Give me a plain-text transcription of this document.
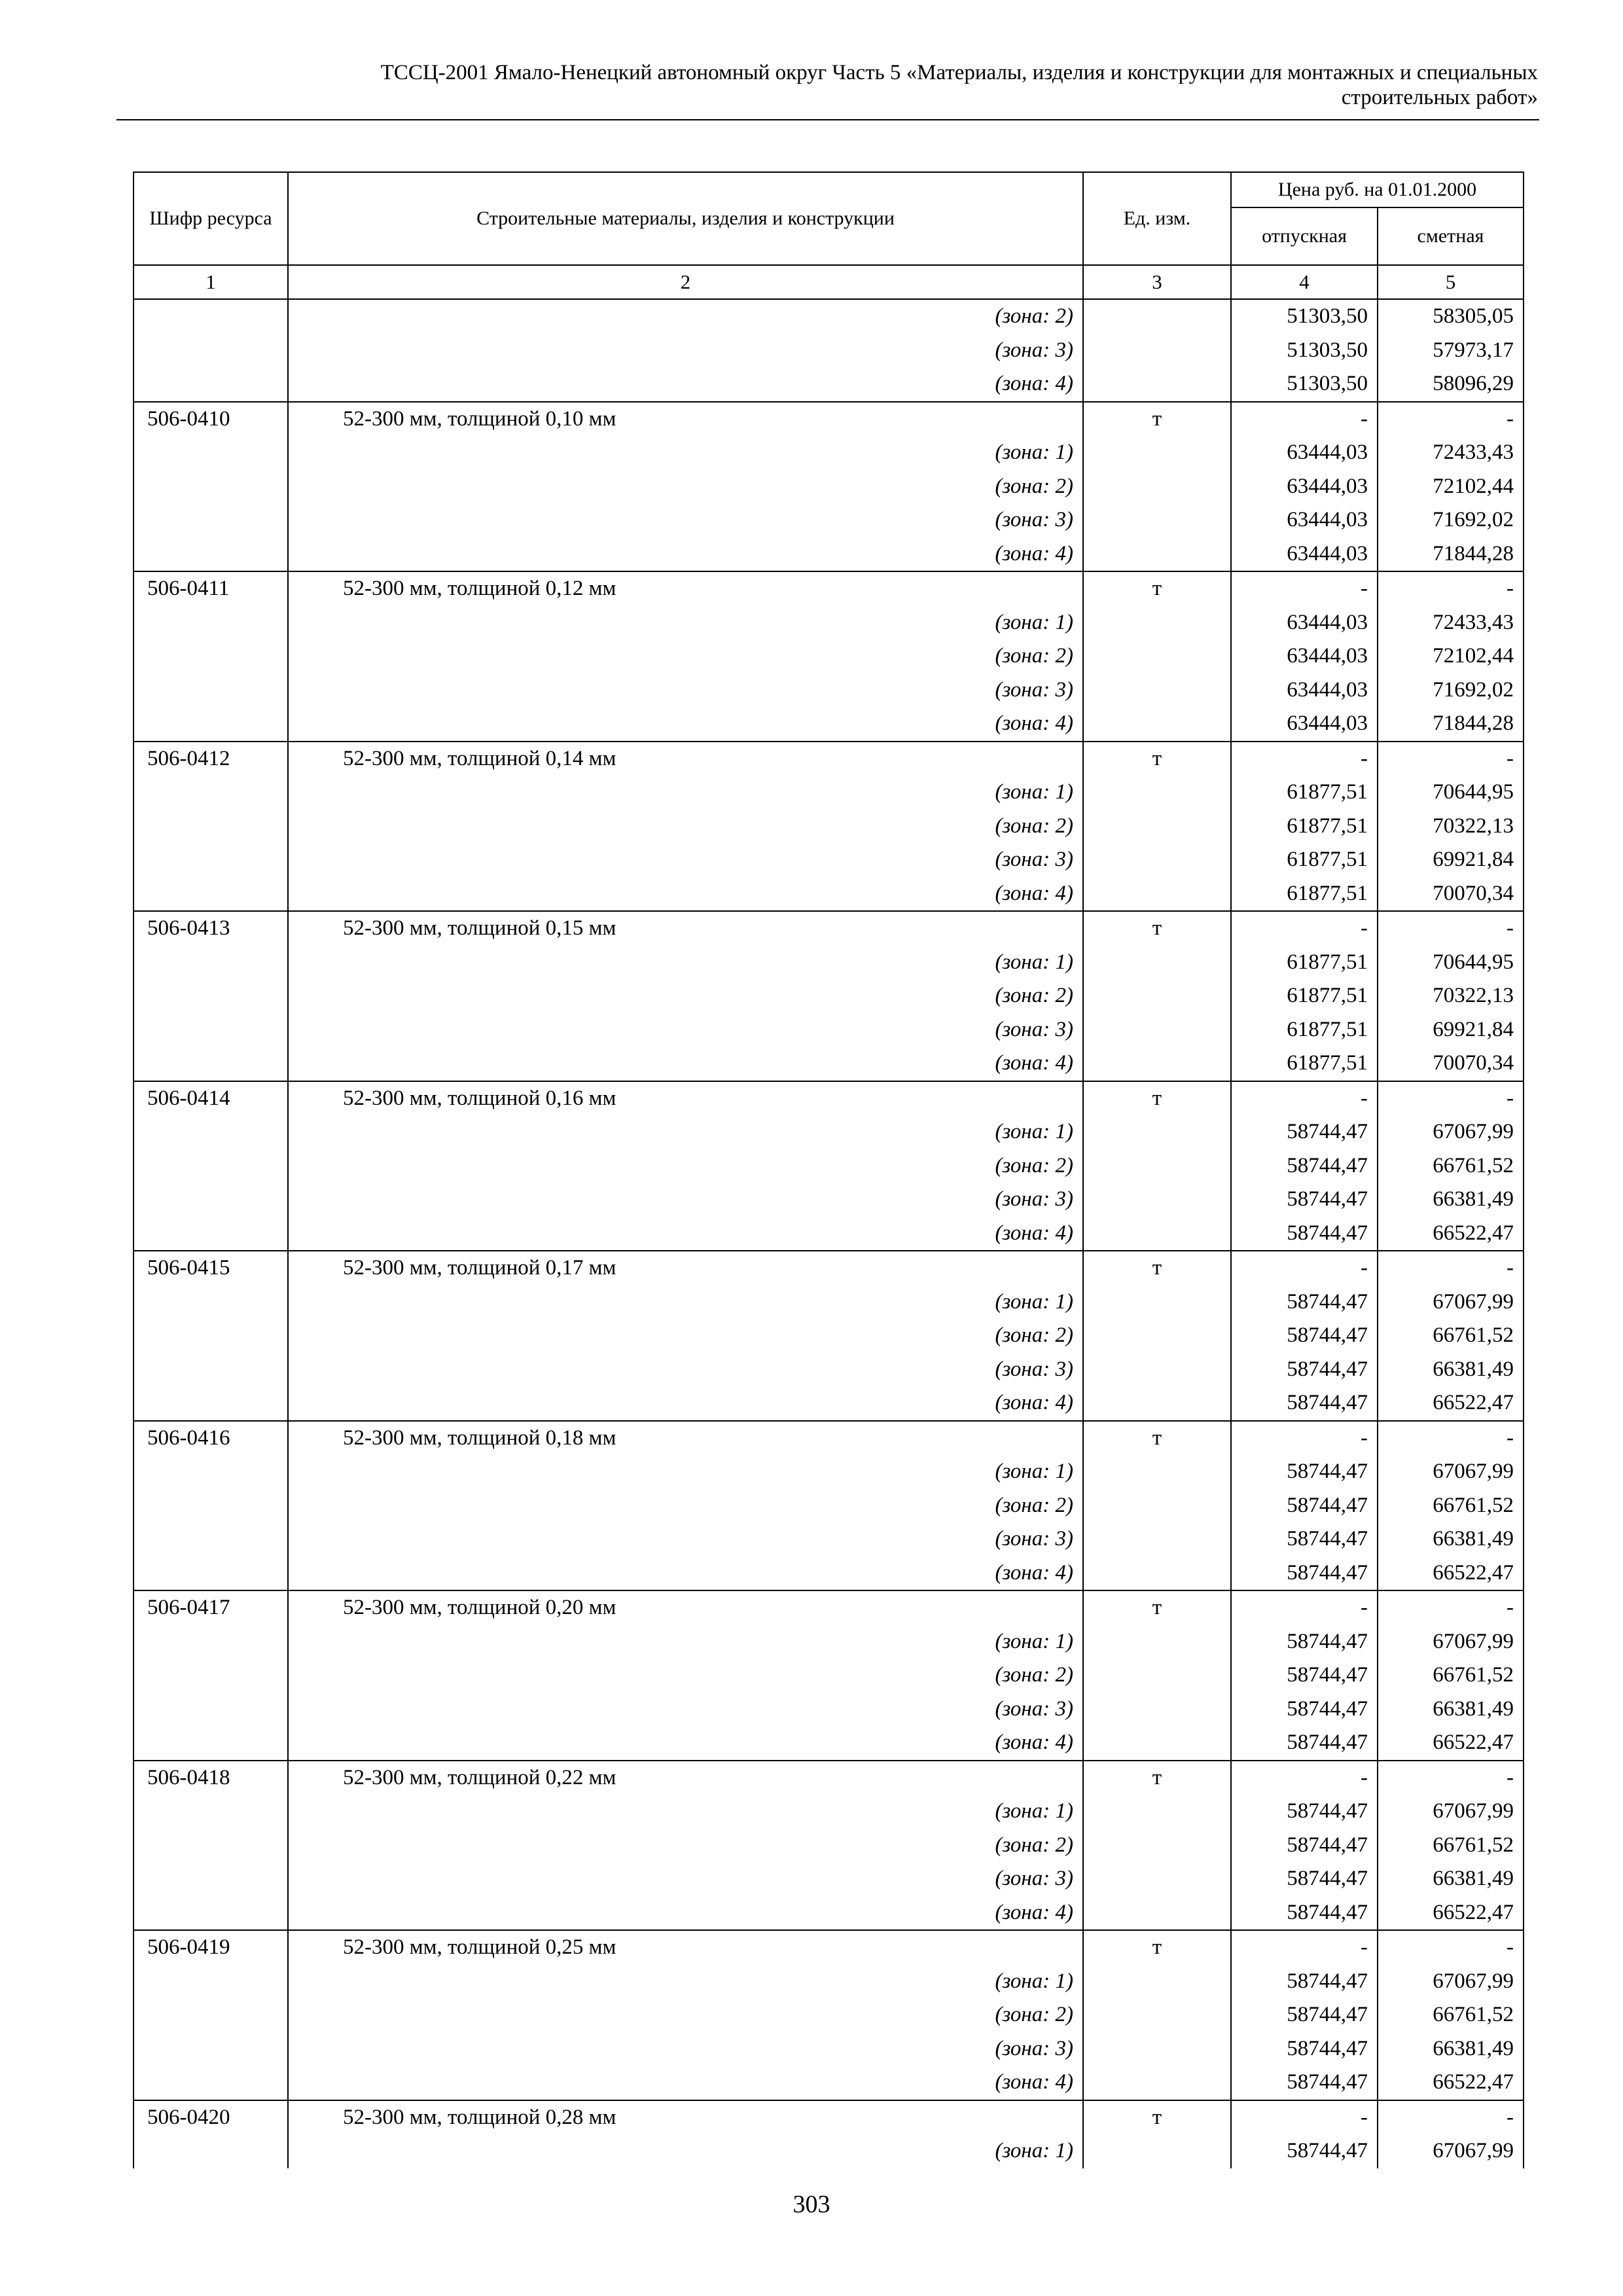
ТССЦ-2001 Ямало-Ненецкий автономный округ Часть 5 «Материалы, изделия и конструкции для монтажных и специальных
строительных работ»
Шифр ресурса	Строительные материалы, изделия и конструкции	Ед. изм.	Цена руб. на 01.01.2000	
			отпускная	сметная
1	2	3	4	5
	(зона: 2)		51303,50	58305,05
	(зона: 3)		51303,50	57973,17
	(зона: 4)		51303,50	58096,29
506-0410	52-300 мм, толщиной 0,10 мм	т	-	-
	(зона: 1)		63444,03	72433,43
	(зона: 2)		63444,03	72102,44
	(зона: 3)		63444,03	71692,02
	(зона: 4)		63444,03	71844,28
506-0411	52-300 мм, толщиной 0,12 мм	т	-	-
	(зона: 1)		63444,03	72433,43
	(зона: 2)		63444,03	72102,44
	(зона: 3)		63444,03	71692,02
	(зона: 4)		63444,03	71844,28
506-0412	52-300 мм, толщиной 0,14 мм	т	-	-
	(зона: 1)		61877,51	70644,95
	(зона: 2)		61877,51	70322,13
	(зона: 3)		61877,51	69921,84
	(зона: 4)		61877,51	70070,34
506-0413	52-300 мм, толщиной 0,15 мм	т	-	-
	(зона: 1)		61877,51	70644,95
	(зона: 2)		61877,51	70322,13
	(зона: 3)		61877,51	69921,84
	(зона: 4)		61877,51	70070,34
506-0414	52-300 мм, толщиной 0,16 мм	т	-	-
	(зона: 1)		58744,47	67067,99
	(зона: 2)		58744,47	66761,52
	(зона: 3)		58744,47	66381,49
	(зона: 4)		58744,47	66522,47
506-0415	52-300 мм, толщиной 0,17 мм	т	-	-
	(зона: 1)		58744,47	67067,99
	(зона: 2)		58744,47	66761,52
	(зона: 3)		58744,47	66381,49
	(зона: 4)		58744,47	66522,47
506-0416	52-300 мм, толщиной 0,18 мм	т	-	-
	(зона: 1)		58744,47	67067,99
	(зона: 2)		58744,47	66761,52
	(зона: 3)		58744,47	66381,49
	(зона: 4)		58744,47	66522,47
506-0417	52-300 мм, толщиной 0,20 мм	т	-	-
	(зона: 1)		58744,47	67067,99
	(зона: 2)		58744,47	66761,52
	(зона: 3)		58744,47	66381,49
	(зона: 4)		58744,47	66522,47
506-0418	52-300 мм, толщиной 0,22 мм	т	-	-
	(зона: 1)		58744,47	67067,99
	(зона: 2)		58744,47	66761,52
	(зона: 3)		58744,47	66381,49
	(зона: 4)		58744,47	66522,47
506-0419	52-300 мм, толщиной 0,25 мм	т	-	-
	(зона: 1)		58744,47	67067,99
	(зона: 2)		58744,47	66761,52
	(зона: 3)		58744,47	66381,49
	(зона: 4)		58744,47	66522,47
506-0420	52-300 мм, толщиной 0,28 мм	т	-	-
	(зона: 1)		58744,47	67067,99
303
